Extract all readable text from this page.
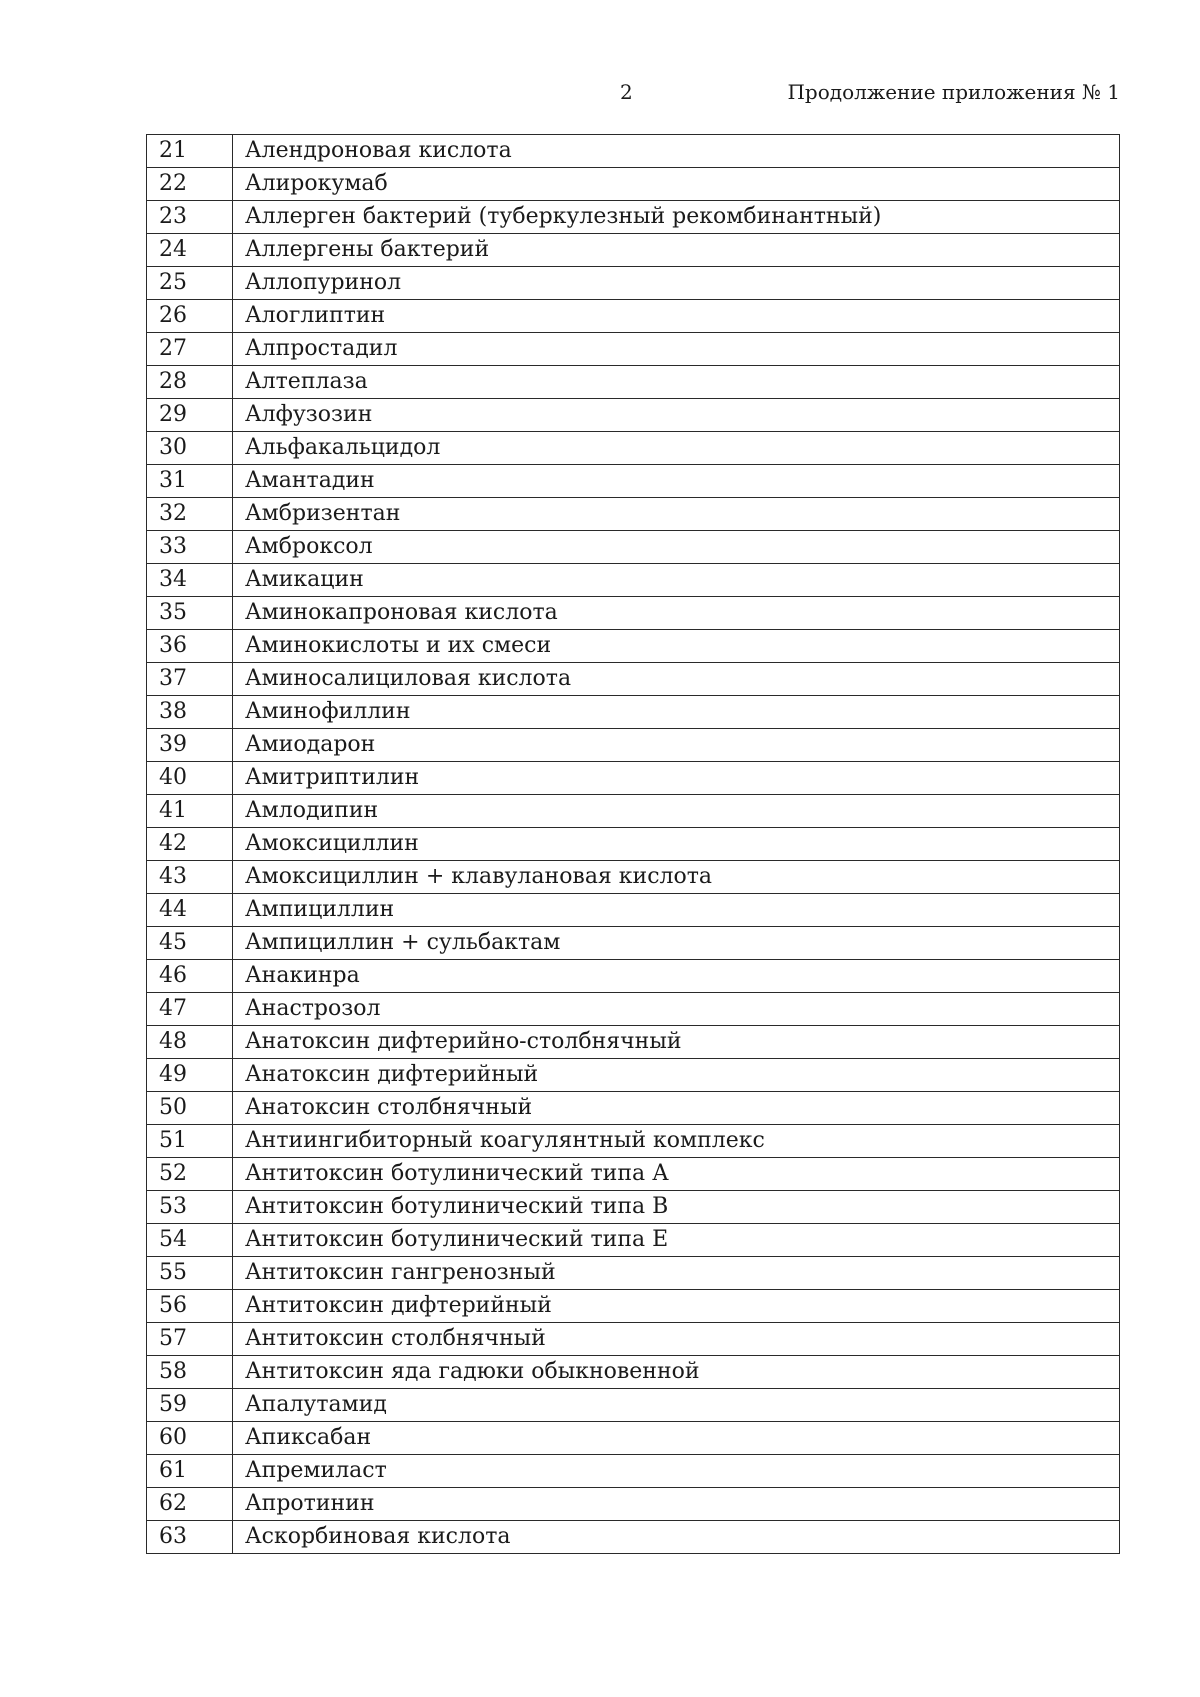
2	Продолжение приложения № 1
21	Алендроновая кислота
22	Алирокумаб
23	Аллерген бактерий (туберкулезный рекомбинантный)
24	Аллергены бактерий
25	Аллопуринол
26	Алоглиптин
27	Алпростадил
28	Алтеплаза
29	Алфузозин
30	Альфакальцидол
31	Амантадин
32	Амбризентан
33	Амброксол
34	Амикацин
35	Аминокапроновая кислота
36	Аминокислоты и их смеси
37	Аминосалициловая кислота
38	Аминофиллин
39	Амиодарон
40	Амитриптилин
41	Амлодипин
42	Амоксициллин
43	Амоксициллин + клавулановая кислота
44	Ампициллин
45	Ампициллин + сульбактам
46	Анакинра
47	Анастрозол
48	Анатоксин дифтерийно-столбнячный
49	Анатоксин дифтерийный
50	Анатоксин столбнячный
51	Антиингибиторный коагулянтный комплекс
52	Антитоксин ботулинический типа А
53	Антитоксин ботулинический типа В
54	Антитоксин ботулинический типа Е
55	Антитоксин гангренозный
56	Антитоксин дифтерийный
57	Антитоксин столбнячный
58	Антитоксин яда гадюки обыкновенной
59	Апалутамид
60	Апиксабан
61	Апремиласт
62	Апротинин
63	Аскорбиновая кислота
